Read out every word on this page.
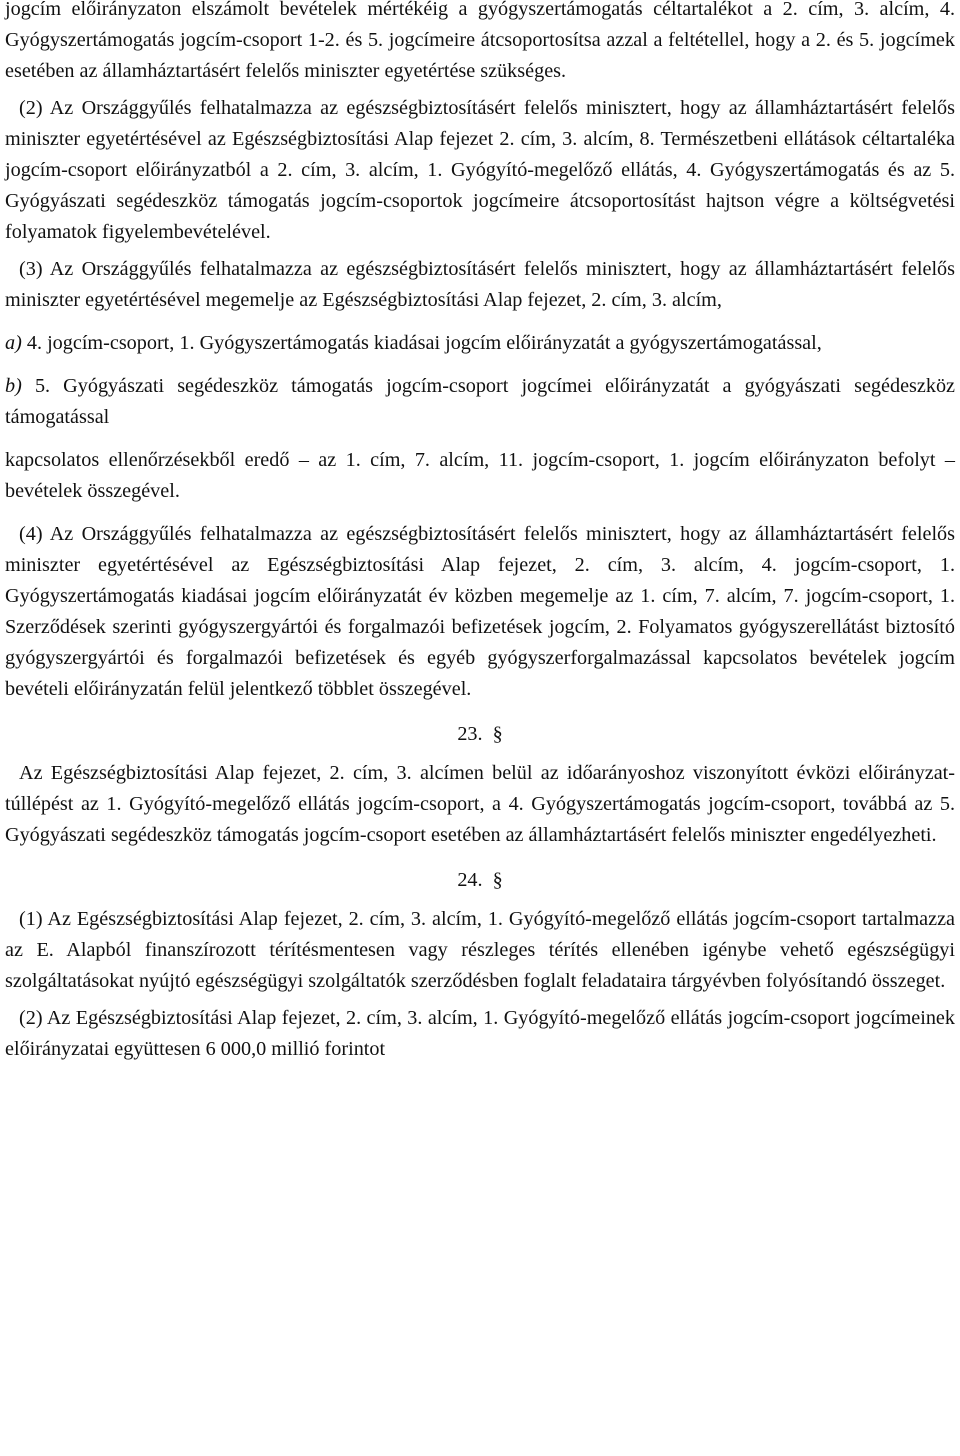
jogcím előirányzaton elszámolt bevételek mértékéig a gyógyszertámogatás céltartalékot a 2. cím, 3. alcím, 4. Gyógyszertámogatás jogcím-csoport 1-2. és 5. jogcímeire átcsoportosítsa azzal a feltétellel, hogy a 2. és 5. jogcímek esetében az államháztartásért felelős miniszter egyetértése szükséges.

(2) Az Országgyűlés felhatalmazza az egészségbiztosításért felelős minisztert, hogy az államháztartásért felelős miniszter egyetértésével az Egészségbiztosítási Alap fejezet 2. cím, 3. alcím, 8. Természetbeni ellátások céltartaléka jogcím-csoport előirányzatból a 2. cím, 3. alcím, 1. Gyógyító-megelőző ellátás, 4. Gyógyszertámogatás és az 5. Gyógyászati segédeszköz támogatás jogcím-csoportok jogcímeire átcsoportosítást hajtson végre a költségvetési folyamatok figyelembevételével.

(3) Az Országgyűlés felhatalmazza az egészségbiztosításért felelős minisztert, hogy az államháztartásért felelős miniszter egyetértésével megemelje az Egészségbiztosítási Alap fejezet, 2. cím, 3. alcím,

a) 4. jogcím-csoport, 1. Gyógyszertámogatás kiadásai jogcím előirányzatát a gyógyszertámogatással,

b) 5. Gyógyászati segédeszköz támogatás jogcím-csoport jogcímei előirányzatát a gyógyászati segédeszköz támogatással

kapcsolatos ellenőrzésekből eredő – az 1. cím, 7. alcím, 11. jogcím-csoport, 1. jogcím előirányzaton befolyt – bevételek összegével.

(4) Az Országgyűlés felhatalmazza az egészségbiztosításért felelős minisztert, hogy az államháztartásért felelős miniszter egyetértésével az Egészségbiztosítási Alap fejezet, 2. cím, 3. alcím, 4. jogcím-csoport, 1. Gyógyszertámogatás kiadásai jogcím előirányzatát év közben megemelje az 1. cím, 7. alcím, 7. jogcím-csoport, 1. Szerződések szerinti gyógyszergyártói és forgalmazói befizetések jogcím, 2. Folyamatos gyógyszerellátást biztosító gyógyszergyártói és forgalmazói befizetések és egyéb gyógyszerforgalmazással kapcsolatos bevételek jogcím bevételi előirányzatán felül jelentkező többlet összegével.

23. §

Az Egészségbiztosítási Alap fejezet, 2. cím, 3. alcímen belül az időarányoshoz viszonyított évközi előirányzat-túllépést az 1. Gyógyító-megelőző ellátás jogcím-csoport, a 4. Gyógyszertámogatás jogcím-csoport, továbbá az 5. Gyógyászati segédeszköz támogatás jogcím-csoport esetében az államháztartásért felelős miniszter engedélyezheti.

24. §

(1) Az Egészségbiztosítási Alap fejezet, 2. cím, 3. alcím, 1. Gyógyító-megelőző ellátás jogcím-csoport tartalmazza az E. Alapból finanszírozott térítésmentesen vagy részleges térítés ellenében igénybe vehető egészségügyi szolgáltatásokat nyújtó egészségügyi szolgáltatók szerződésben foglalt feladataira tárgyévben folyósítandó összeget.

(2) Az Egészségbiztosítási Alap fejezet, 2. cím, 3. alcím, 1. Gyógyító-megelőző ellátás jogcím-csoport jogcímeinek előirányzatai együttesen 6 000,0 millió forintot
